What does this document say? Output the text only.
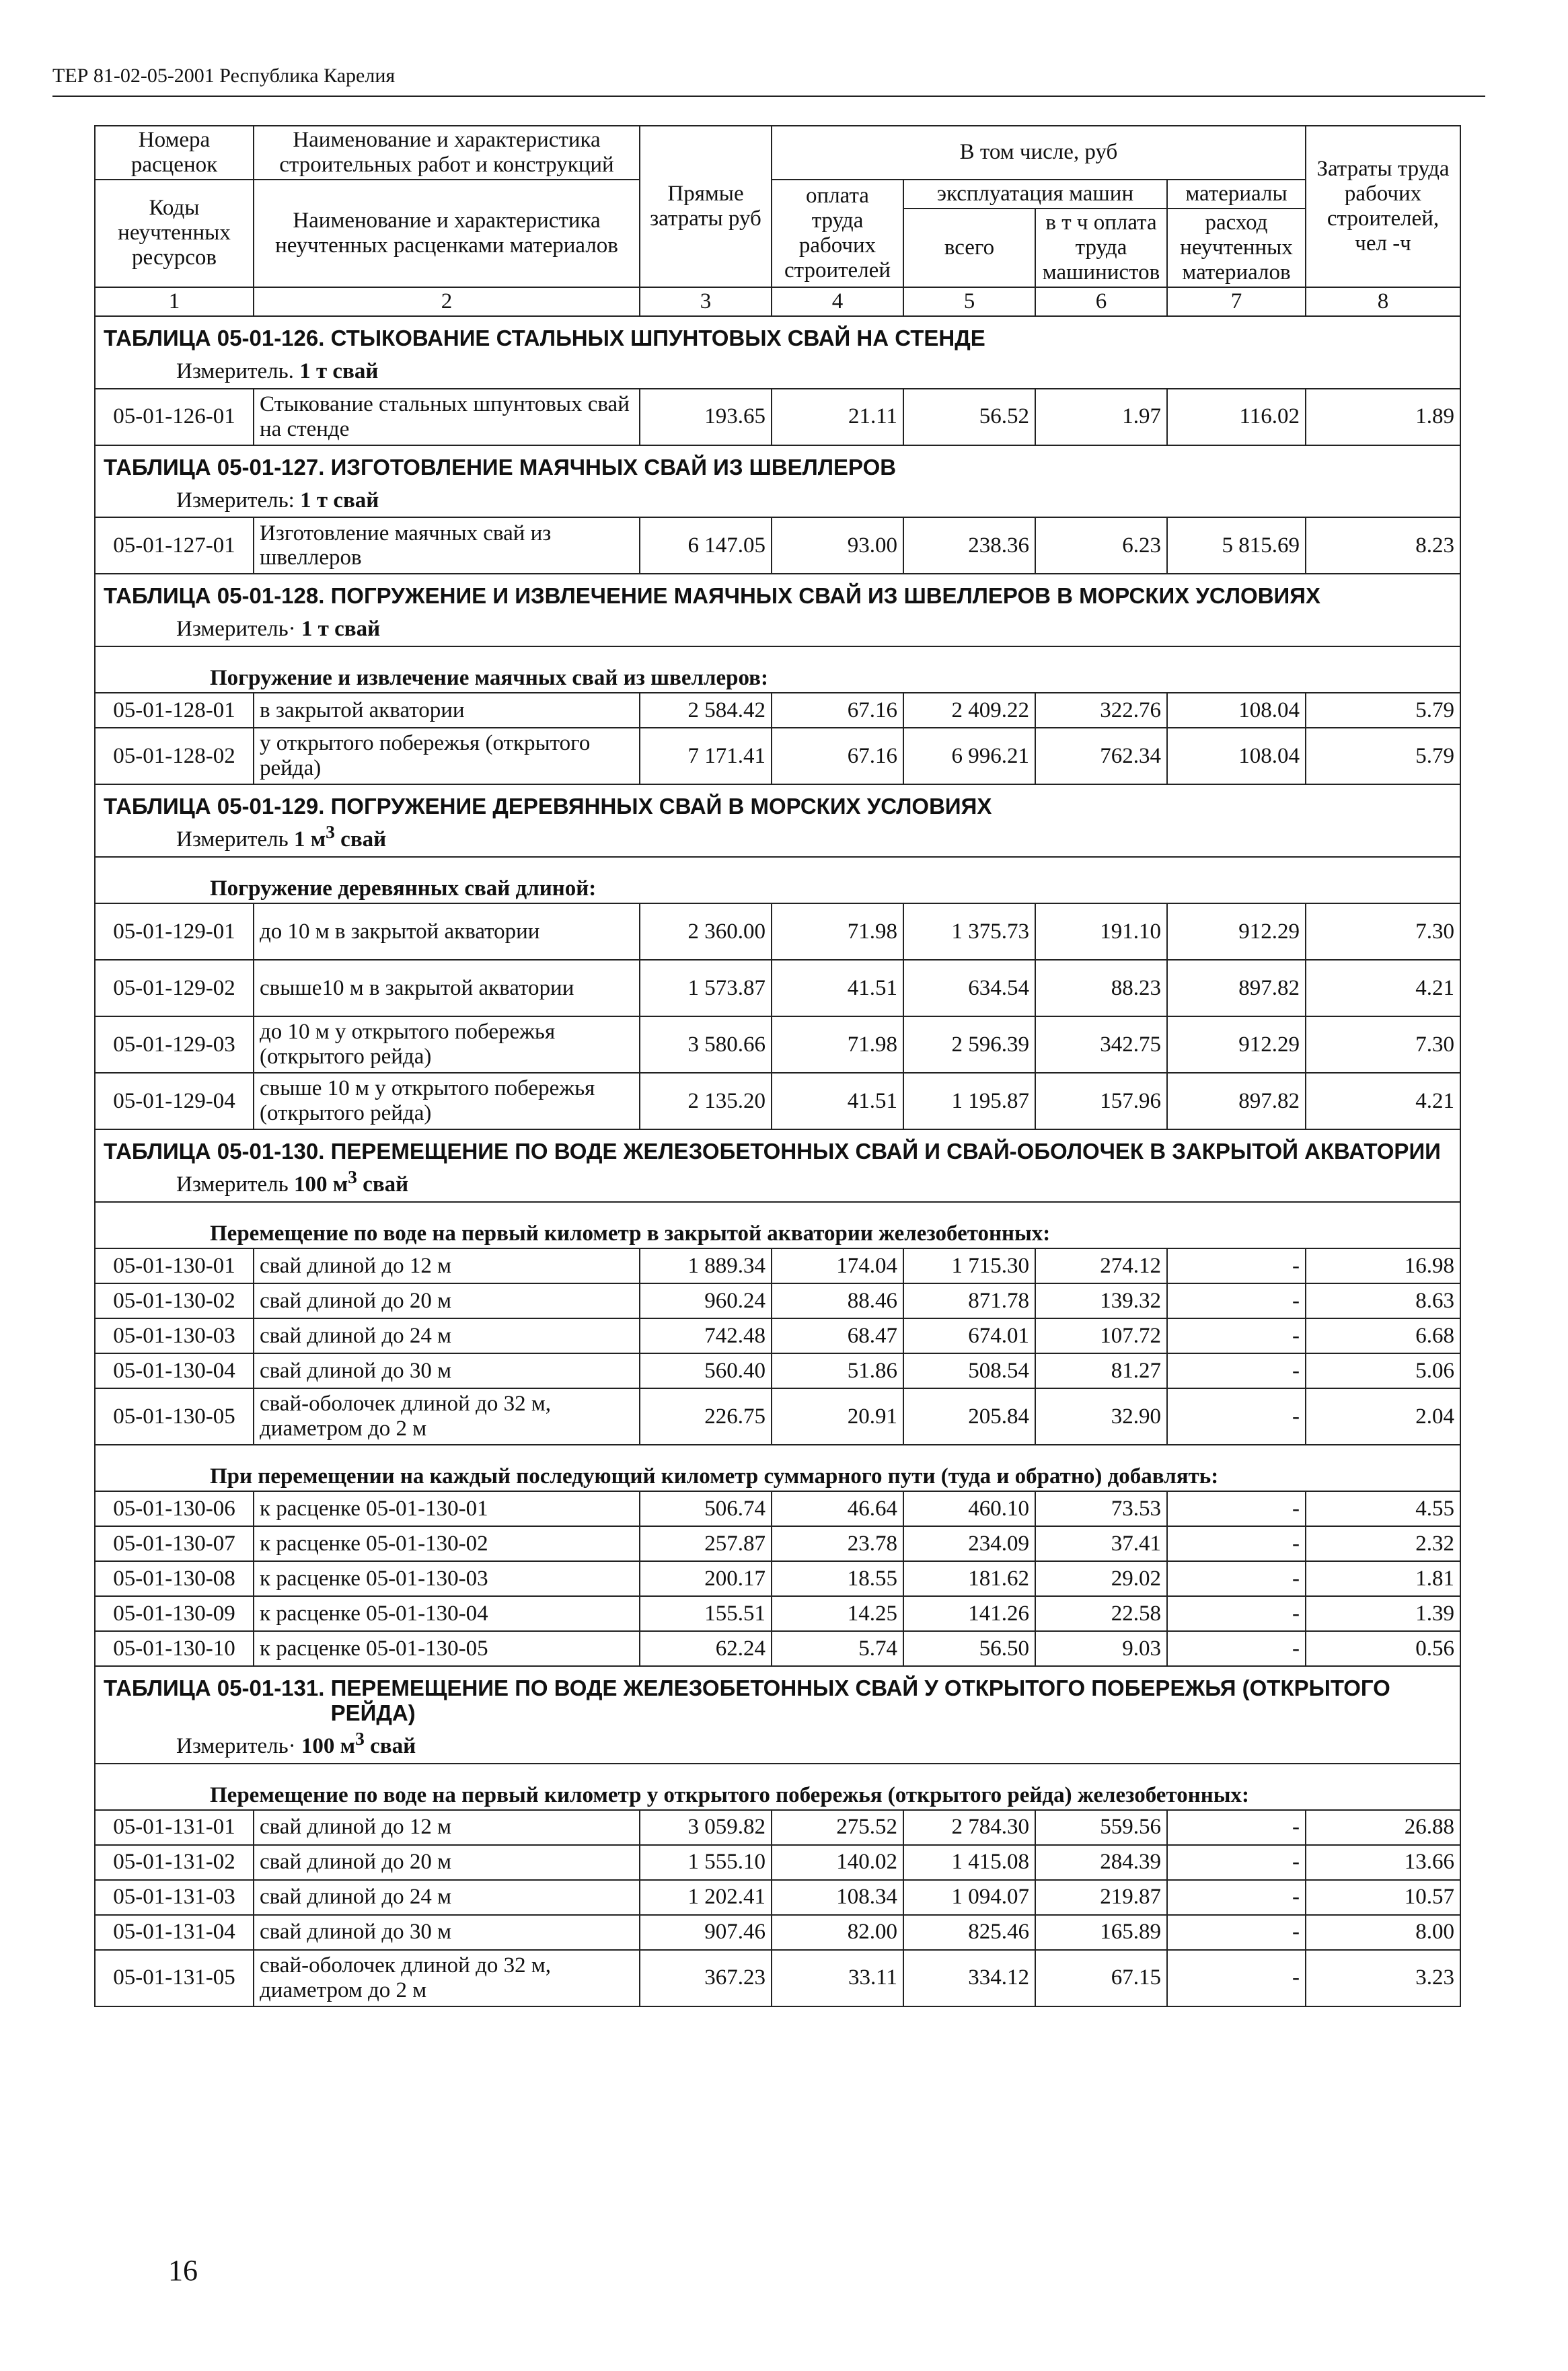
ТЕР 81-02-05-2001 Республика Карелия
Номера расценок	Наименование и характеристика строительных работ и конструкций	Прямые затраты руб	В том числе, руб				Затраты труда рабочих строителей, чел -ч
Коды неучтенных ресурсов	Наименование и характеристика неучтенных расценками материалов		оплата труда рабочих строителей	эксплуатация машин		материалы	
				всего	в т ч оплата труда машинистов	расход неучтенных материалов	
1	2	3	4	5	6	7	8

ТАБЛИЦА 05-01-126. СТЫКОВАНИЕ СТАЛЬНЫХ ШПУНТОВЫХ СВАЙ НА СТЕНДЕ							

Измеритель. 1 т свай							
05-01-126-01	Стыкование стальных шпунтовых свай на стенде	193.65	21.11	56.52	1.97	116.02	1.89

ТАБЛИЦА 05-01-127. ИЗГОТОВЛЕНИЕ МАЯЧНЫХ СВАЙ ИЗ ШВЕЛЛЕРОВ							

Измеритель: 1 т свай							
05-01-127-01	Изготовление маячных свай из швеллеров	6 147.05	93.00	238.36	6.23	5 815.69	8.23

ТАБЛИЦА 05-01-128. ПОГРУЖЕНИЕ И ИЗВЛЕЧЕНИЕ МАЯЧНЫХ СВАЙ ИЗ ШВЕЛЛЕРОВ В МОРСКИХ УСЛОВИЯХ							

Измеритель· 1 т свай							
Погружение и извлечение маячных свай из швеллеров:							
05-01-128-01	в закрытой акватории	2 584.42	67.16	2 409.22	322.76	108.04	5.79
05-01-128-02	у открытого побережья (открытого рейда)	7 171.41	67.16	6 996.21	762.34	108.04	5.79

ТАБЛИЦА 05-01-129. ПОГРУЖЕНИЕ ДЕРЕВЯННЫХ СВАЙ В МОРСКИХ УСЛОВИЯХ							

Измеритель 1 $м^3$ свай							
Погружение деревянных свай длиной:							
05-01-129-01	до 10 м в закрытой акватории	2 360.00	71.98	1 375.73	191.10	912.29	7.30
05-01-129-02	свыше10 м в закрытой акватории	1 573.87	41.51	634.54	88.23	897.82	4.21
05-01-129-03	до 10 м у открытого побережья (открытого рейда)	3 580.66	71.98	2 596.39	342.75	912.29	7.30
05-01-129-04	свыше 10 м у открытого побережья (открытого рейда)	2 135.20	41.51	1 195.87	157.96	897.82	4.21

ТАБЛИЦА 05-01-130. ПЕРЕМЕЩЕНИЕ ПО ВОДЕ ЖЕЛЕЗОБЕТОННЫХ СВАЙ И СВАЙ-ОБОЛОЧЕК В ЗАКРЫТОЙ АКВАТОРИИ							

Измеритель 100 $м^3$ свай							
Перемещение по воде на первый километр в закрытой акватории железобетонных:							
05-01-130-01	свай длиной до 12 м	1 889.34	174.04	1 715.30	274.12	-	16.98
05-01-130-02	свай длиной до 20 м	960.24	88.46	871.78	139.32	-	8.63
05-01-130-03	свай длиной до 24 м	742.48	68.47	674.01	107.72	-	6.68
05-01-130-04	свай длиной до 30 м	560.40	51.86	508.54	81.27	-	5.06
05-01-130-05	свай-оболочек длиной до 32 м, диаметром до 2 м	226.75	20.91	205.84	32.90	-	2.04
При перемещении на каждый последующий километр суммарного пути (туда и обратно) добавлять:							
05-01-130-06	к расценке 05-01-130-01	506.74	46.64	460.10	73.53	-	4.55
05-01-130-07	к расценке 05-01-130-02	257.87	23.78	234.09	37.41	-	2.32
05-01-130-08	к расценке 05-01-130-03	200.17	18.55	181.62	29.02	-	1.81
05-01-130-09	к расценке 05-01-130-04	155.51	14.25	141.26	22.58	-	1.39
05-01-130-10	к расценке 05-01-130-05	62.24	5.74	56.50	9.03	-	0.56

ТАБЛИЦА 05-01-131. ПЕРЕМЕЩЕНИЕ ПО ВОДЕ ЖЕЛЕЗОБЕТОННЫХ СВАЙ У ОТКРЫТОГО ПОБЕРЕЖЬЯ (ОТКРЫТОГО РЕЙДА)							

Измеритель· 100 $м^3$ свай							
Перемещение по воде на первый километр у открытого побережья (открытого рейда) железобетонных:							
05-01-131-01	свай длиной до 12 м	3 059.82	275.52	2 784.30	559.56	-	26.88
05-01-131-02	свай длиной до 20 м	1 555.10	140.02	1 415.08	284.39	-	13.66
05-01-131-03	свай длиной до 24 м	1 202.41	108.34	1 094.07	219.87	-	10.57
05-01-131-04	свай длиной до 30 м	907.46	82.00	825.46	165.89	-	8.00
05-01-131-05	свай-оболочек длиной до 32 м, диаметром до 2 м	367.23	33.11	334.12	67.15	-	3.23
16
